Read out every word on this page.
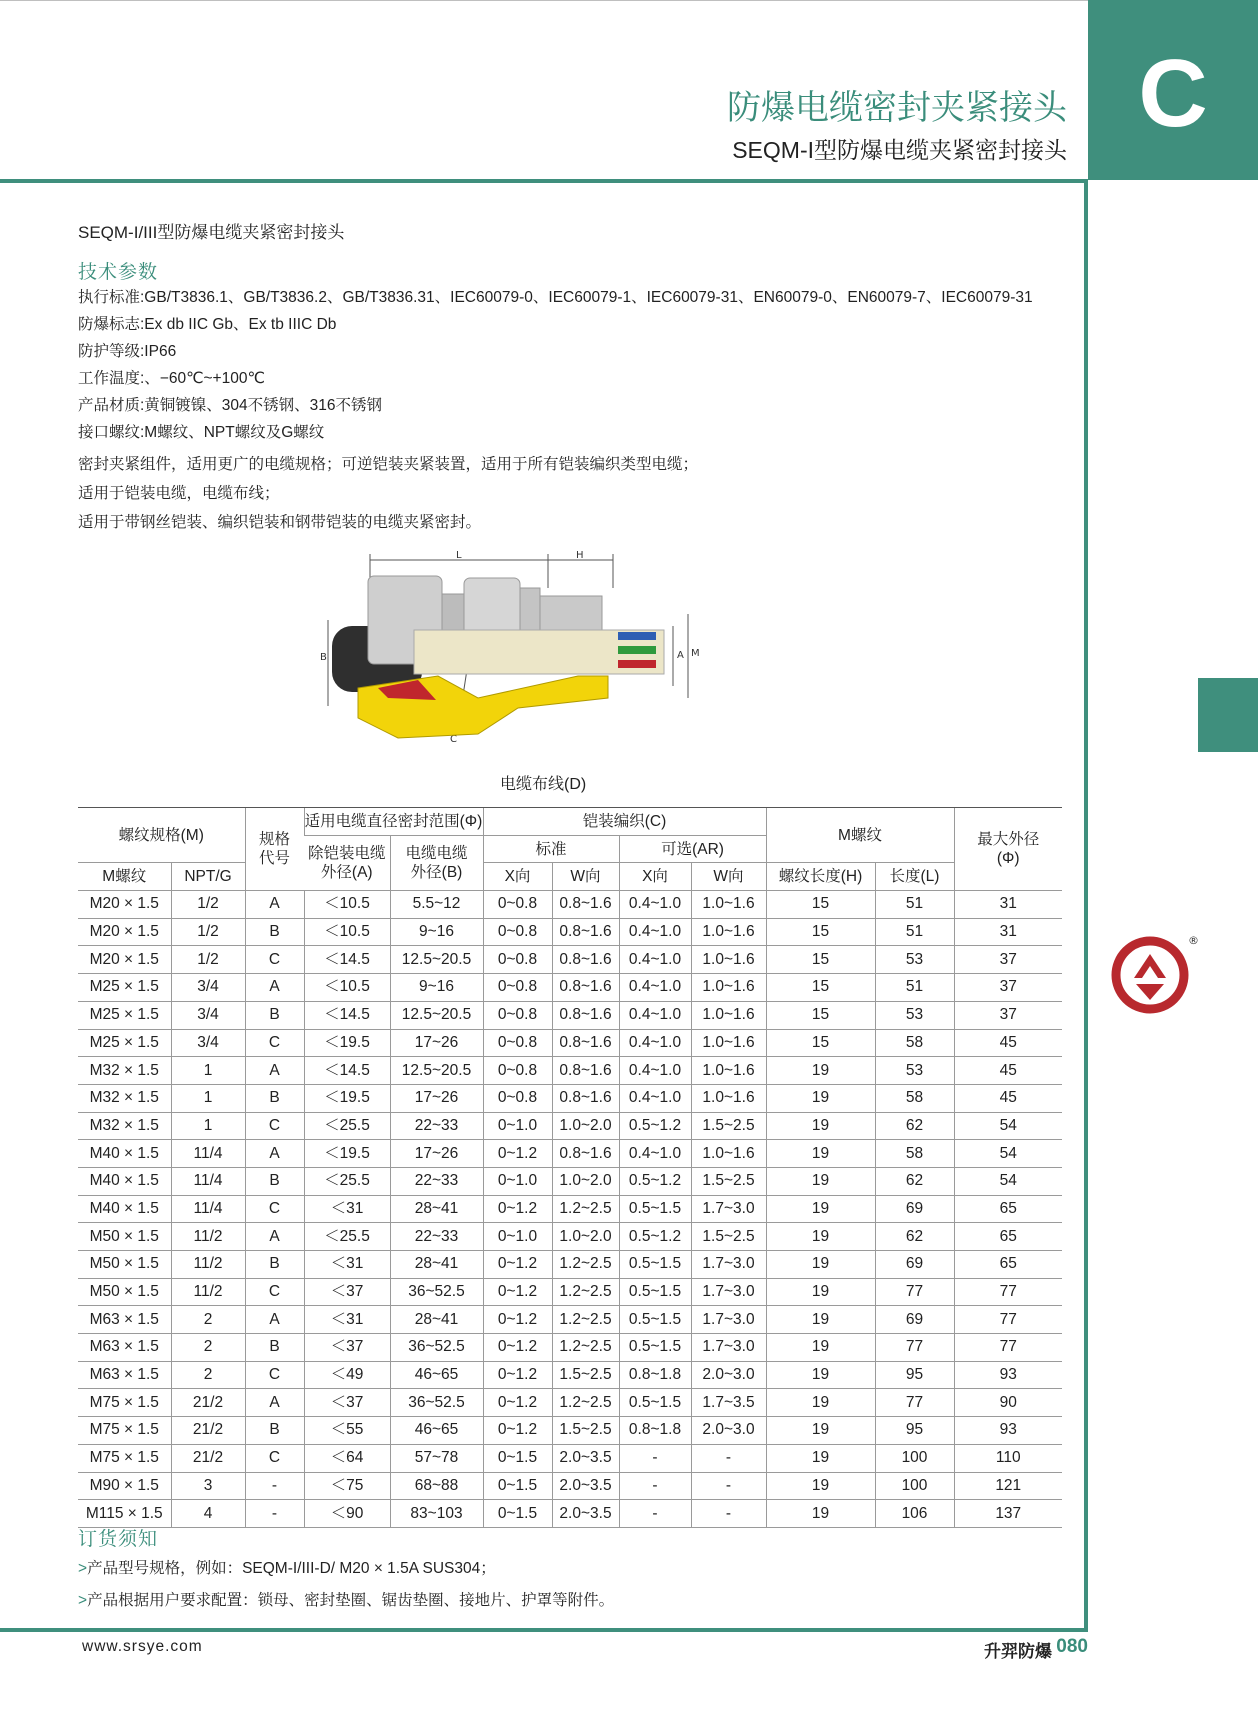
C
防爆电缆密封夹紧接头
SEQM-I型防爆电缆夹紧密封接头
®
SEQM-I/III型防爆电缆夹紧密封接头
技术参数
执行标准:GB/T3836.1、GB/T3836.2、GB/T3836.31、IEC60079-0、IEC60079-1、IEC60079-31、EN60079-0、EN60079-7、IEC60079-31
防爆标志:Ex db IIC Gb、Ex tb IIIC Db
防护等级:IP66
工作温度:、−60℃~+100℃
产品材质:黄铜镀镍、304不锈钢、316不锈钢
接口螺纹:M螺纹、NPT螺纹及G螺纹
密封夹紧组件，适用更广的电缆规格；可逆铠装夹紧装置，适用于所有铠装编织类型电缆；
适用于铠装电缆，电缆布线；
适用于带钢丝铠装、编织铠装和钢带铠装的电缆夹紧密封。
L	H
B	A M
C
电缆布线(D)
螺纹规格(M)		规格代号	适用电缆直径密封范围(Φ)		铠装编织(C)				M螺纹		最大外径(Φ)

			除铠装电缆外径(A)	电缆电缆外径(B)	标准		可选(AR)				
M螺纹	NPT/G				X向	W向	X向	W向	螺纹长度(H)	长度(L)	
M20 × 1.5	1/2	A	＜10.5	5.5~12	0~0.8	0.8~1.6	0.4~1.0	1.0~1.6	15	51	31
M20 × 1.5	1/2	B	＜10.5	9~16	0~0.8	0.8~1.6	0.4~1.0	1.0~1.6	15	51	31
M20 × 1.5	1/2	C	＜14.5	12.5~20.5	0~0.8	0.8~1.6	0.4~1.0	1.0~1.6	15	53	37
M25 × 1.5	3/4	A	＜10.5	9~16	0~0.8	0.8~1.6	0.4~1.0	1.0~1.6	15	51	37
M25 × 1.5	3/4	B	＜14.5	12.5~20.5	0~0.8	0.8~1.6	0.4~1.0	1.0~1.6	15	53	37
M25 × 1.5	3/4	C	＜19.5	17~26	0~0.8	0.8~1.6	0.4~1.0	1.0~1.6	15	58	45
M32 × 1.5	1	A	＜14.5	12.5~20.5	0~0.8	0.8~1.6	0.4~1.0	1.0~1.6	19	53	45
M32 × 1.5	1	B	＜19.5	17~26	0~0.8	0.8~1.6	0.4~1.0	1.0~1.6	19	58	45
M32 × 1.5	1	C	＜25.5	22~33	0~1.0	1.0~2.0	0.5~1.2	1.5~2.5	19	62	54
M40 × 1.5	11/4	A	＜19.5	17~26	0~1.2	0.8~1.6	0.4~1.0	1.0~1.6	19	58	54
M40 × 1.5	11/4	B	＜25.5	22~33	0~1.0	1.0~2.0	0.5~1.2	1.5~2.5	19	62	54
M40 × 1.5	11/4	C	＜31	28~41	0~1.2	1.2~2.5	0.5~1.5	1.7~3.0	19	69	65
M50 × 1.5	11/2	A	＜25.5	22~33	0~1.0	1.0~2.0	0.5~1.2	1.5~2.5	19	62	65
M50 × 1.5	11/2	B	＜31	28~41	0~1.2	1.2~2.5	0.5~1.5	1.7~3.0	19	69	65
M50 × 1.5	11/2	C	＜37	36~52.5	0~1.2	1.2~2.5	0.5~1.5	1.7~3.0	19	77	77
M63 × 1.5	2	A	＜31	28~41	0~1.2	1.2~2.5	0.5~1.5	1.7~3.0	19	69	77
M63 × 1.5	2	B	＜37	36~52.5	0~1.2	1.2~2.5	0.5~1.5	1.7~3.0	19	77	77
M63 × 1.5	2	C	＜49	46~65	0~1.2	1.5~2.5	0.8~1.8	2.0~3.0	19	95	93
M75 × 1.5	21/2	A	＜37	36~52.5	0~1.2	1.2~2.5	0.5~1.5	1.7~3.5	19	77	90
M75 × 1.5	21/2	B	＜55	46~65	0~1.2	1.5~2.5	0.8~1.8	2.0~3.0	19	95	93
M75 × 1.5	21/2	C	＜64	57~78	0~1.5	2.0~3.5	-	-	19	100	110
M90 × 1.5	3	-	＜75	68~88	0~1.5	2.0~3.5	-	-	19	100	121
M115 × 1.5	4	-	＜90	83~103	0~1.5	2.0~3.5	-	-	19	106	137
订货须知
>产品型号规格，例如：SEQM-I/III-D/ M20 × 1.5A SUS304；
>产品根据用户要求配置：锁母、密封垫圈、锯齿垫圈、接地片、护罩等附件。
www.srsye.com	升羿防爆 080
